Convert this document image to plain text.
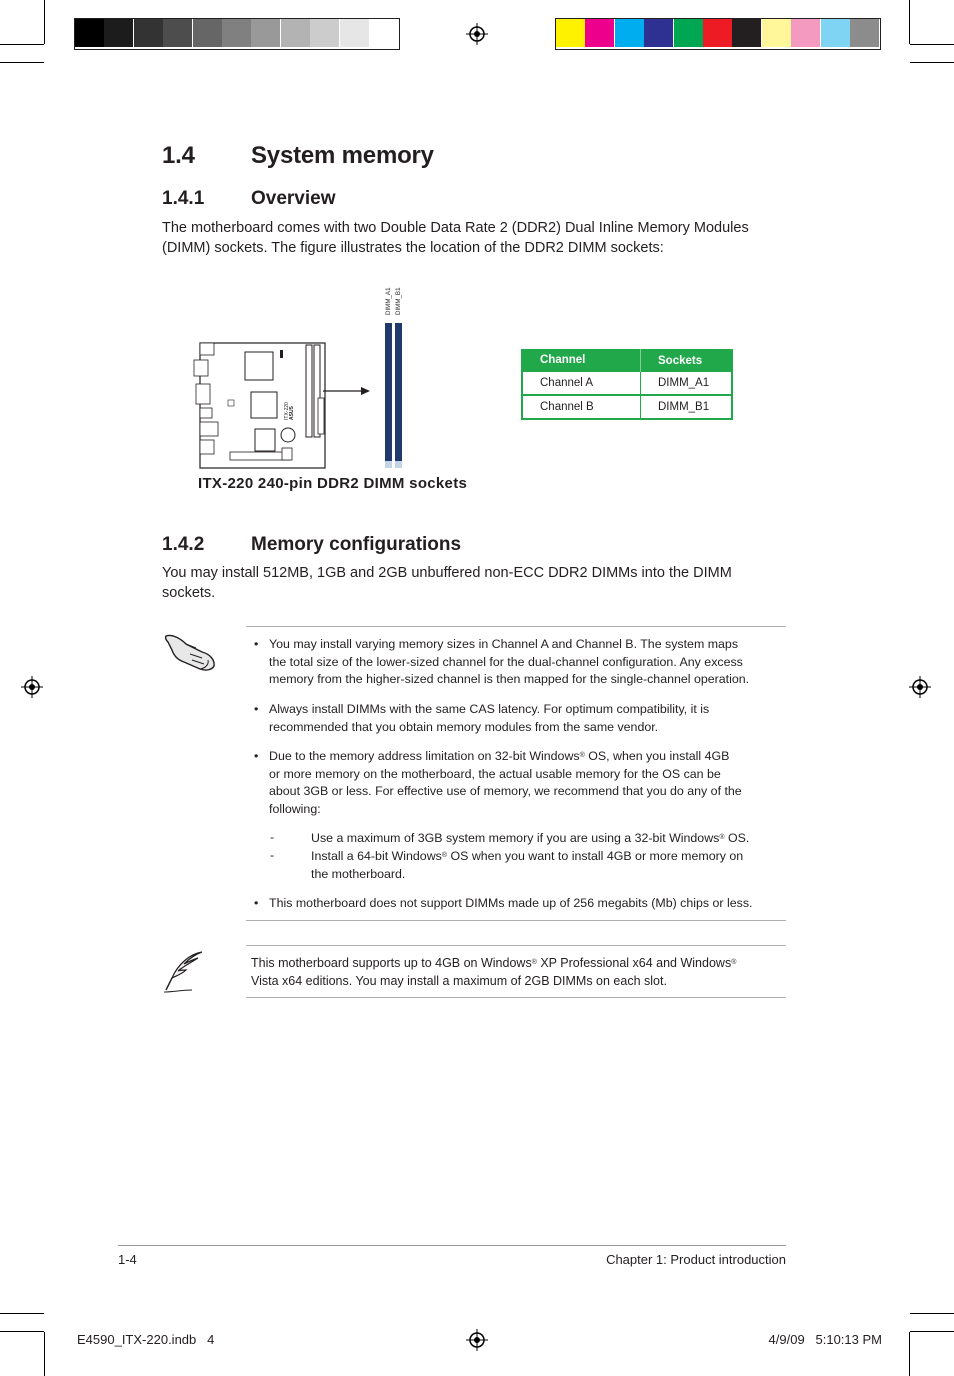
1.4 System memory
1.4.1 Overview
The motherboard comes with two Double Data Rate 2 (DDR2) Dual Inline Memory Modules
(DIMM) sockets. The figure illustrates the location of the DDR2 DIMM sockets:
ITX-220 ASUS
DIMM_A1 DIMM_B1
ITX-220 240-pin DDR2 DIMM sockets
Channel	Sockets
Channel A	DIMM_A1
Channel B	DIMM_B1
1.4.2 Memory configurations
You may install 512MB, 1GB and 2GB unbuffered non-ECC DDR2 DIMMs into the DIMM
sockets.
• You may install varying memory sizes in Channel A and Channel B. The system maps
the total size of the lower-sized channel for the dual-channel configuration. Any excess
memory from the higher-sized channel is then mapped for the single-channel operation.
• Always install DIMMs with the same CAS latency. For optimum compatibility, it is
recommended that you obtain memory modules from the same vendor.
• Due to the memory address limitation on 32-bit Windows® OS, when you install 4GB
or more memory on the motherboard, the actual usable memory for the OS can be
about 3GB or less. For effective use of memory, we recommend that you do any of the
following:
-	Use a maximum of 3GB system memory if you are using a 32-bit Windows® OS.
-	Install a 64-bit Windows® OS when you want to install 4GB or more memory on
the motherboard.
• This motherboard does not support DIMMs made up of 256 megabits (Mb) chips or less.
This motherboard supports up to 4GB on Windows® XP Professional x64 and Windows®
Vista x64 editions. You may install a maximum of 2GB DIMMs on each slot.
1-4	Chapter 1: Product introduction
E4590_ITX-220.indb   4	4/9/09   5:10:13 PM
